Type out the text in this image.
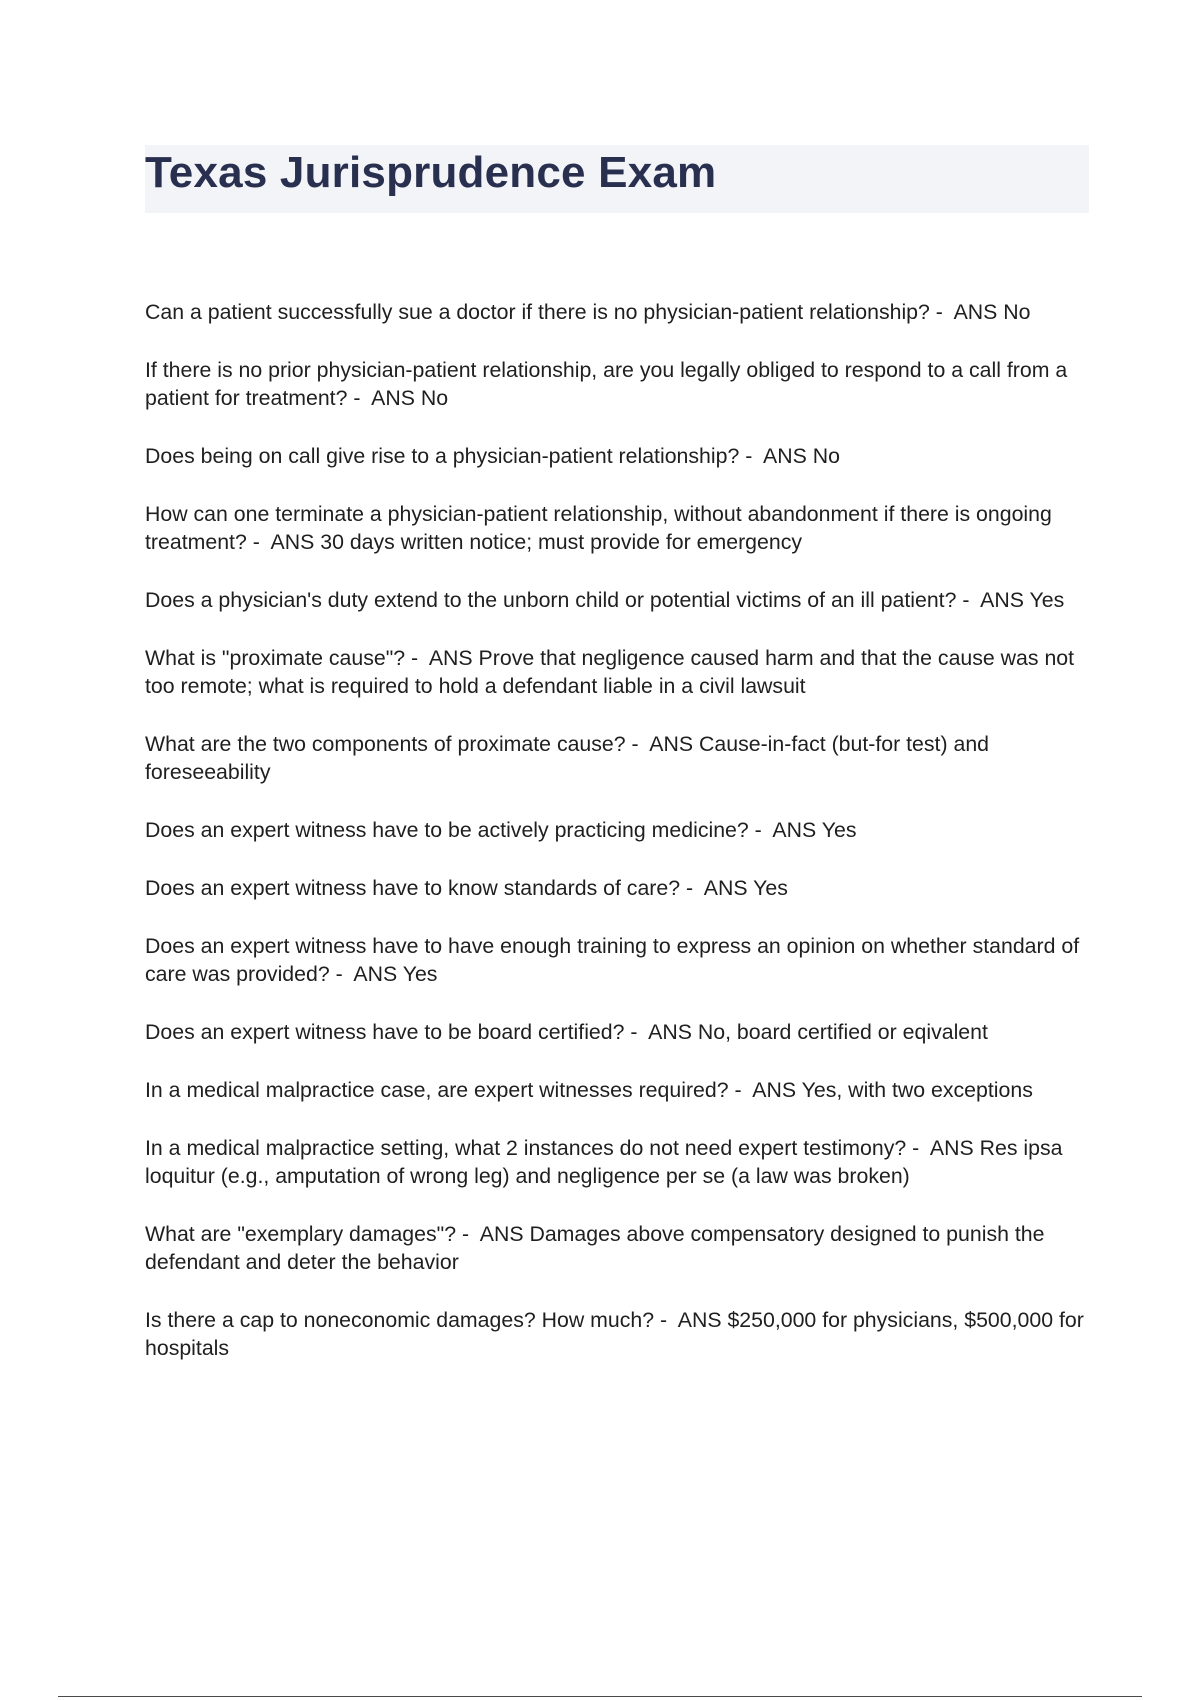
Texas Jurisprudence Exam
Can a patient successfully sue a doctor if there is no physician-patient relationship? - ANS No
If there is no prior physician-patient relationship, are you legally obliged to respond to a call from a patient for treatment? - ANS No
Does being on call give rise to a physician-patient relationship? - ANS No
How can one terminate a physician-patient relationship, without abandonment if there is ongoing treatment? - ANS 30 days written notice; must provide for emergency
Does a physician's duty extend to the unborn child or potential victims of an ill patient? - ANS Yes
What is "proximate cause"? - ANS Prove that negligence caused harm and that the cause was not too remote; what is required to hold a defendant liable in a civil lawsuit
What are the two components of proximate cause? - ANS Cause-in-fact (but-for test) and foreseeability
Does an expert witness have to be actively practicing medicine? - ANS Yes
Does an expert witness have to know standards of care? - ANS Yes
Does an expert witness have to have enough training to express an opinion on whether standard of care was provided? - ANS Yes
Does an expert witness have to be board certified? - ANS No, board certified or eqivalent
In a medical malpractice case, are expert witnesses required? - ANS Yes, with two exceptions
In a medical malpractice setting, what 2 instances do not need expert testimony? - ANS Res ipsa loquitur (e.g., amputation of wrong leg) and negligence per se (a law was broken)
What are "exemplary damages"? - ANS Damages above compensatory designed to punish the defendant and deter the behavior
Is there a cap to noneconomic damages? How much? - ANS $250,000 for physicians, $500,000 for hospitals
